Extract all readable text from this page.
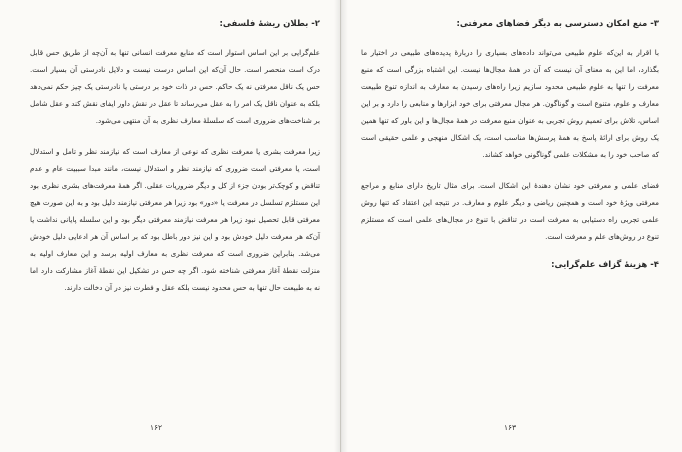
۲- بطلان ریشهٔ فلسفی:

علم‌گرایی بر این اساس استوار است که منابع معرفت انسانی تنها به آن‌چه از طریق حس قابل درک است منحصر است. حال آن‌که این اساس درست نیست و دلایل نادرستی آن بسیار است. حس یک ناقل معرفتی نه یک حاکم. حس در ذات خود بر درستی یا نادرستی یک چیز حکم نمی‌دهد بلکه به عنوان ناقل یک امر را به عقل می‌رساند تا عقل در نقش داور ایفای نقش کند و عقل شامل بر شناخت‌های ضروری است که سلسلهٔ معارف نظری به آن منتهی می‌شود.

زیرا معرفت بشری یا معرفت نظری که نوعی از معارف است که نیازمند نظر و تامل و استدلال است، یا معرفتی است ضروری که نیازمند نظر و استدلال نیست، مانند مبدا سببیت عام و عدم تناقض و کوچک‌تر بودن جزء از کل و دیگر ضروریات عقلی. اگر همهٔ معرفت‌های بشری نظری بود این مستلزم تسلسل در معرفت یا «دور» بود زیرا هر معرفتی نیازمند دلیل بود و به این صورت هیچ معرفتی قابل تحصیل نبود زیرا هر معرفت نیازمند معرفتی دیگر بود و این سلسله پایانی نداشت یا آن‌که هر معرفت دلیل خودش بود و این نیز دور باطل بود که بر اساس آن هر ادعایی دلیل خودش می‌شد. بنابراین ضروری است که معرفت نظری به معارف اولیه برسد و این معارف اولیه به منزلت نقطهٔ آغاز معرفتی شناخته شود. اگر چه حس در تشکیل این نقطهٔ آغاز مشارکت دارد اما نه به طبیعت حال تنها به حس محدود نیست بلکه عقل و فطرت نیز در آن دخالت دارند.

۱۶۲
۳- منع امکان دسترسی به دیگر فضاهای معرفتی:

با اقرار به این‌که علوم طبیعی می‌تواند داده‌های بسیاری را دربارهٔ پدیده‌های طبیعی در اختیار ما بگذارد، اما این به معنای آن نیست که آن در همهٔ مجال‌ها نیست. این اشتباه بزرگی است که منبع معرفت را تنها به علوم طبیعی محدود سازیم زیرا راه‌های رسیدن به معارف به اندازه تنوع طبیعت معارف و علوم، متنوع است و گوناگون. هر مجال معرفتی برای خود ابزارها و منابعی را دارد و بر این اساس، تلاش برای تعمیم روش تجربی به عنوان منبع معرفت در همهٔ مجال‌ها و این باور که تنها همین یک روش برای ارائهٔ پاسخ به همهٔ پرسش‌ها مناسب است، یک اشکال منهجی و علمی حقیقی است که صاحب خود را به مشکلات علمی گوناگونی خواهد کشاند.

فضای علمی و معرفتی خود نشان دهندهٔ این اشکال است. برای مثال تاریخ دارای منابع و مراجع معرفتی ویژهٔ خود است و همچنین ریاضی و دیگر علوم و معارف. در نتیجه این اعتقاد که تنها روش علمی تجربی راه دستیابی به معرفت است در تناقض با تنوع در مجال‌های علمی است که مستلزم تنوع در روش‌های علم و معرفت است.

۴- هزینهٔ گزاف علم‌گرایی:
۱۶۳
